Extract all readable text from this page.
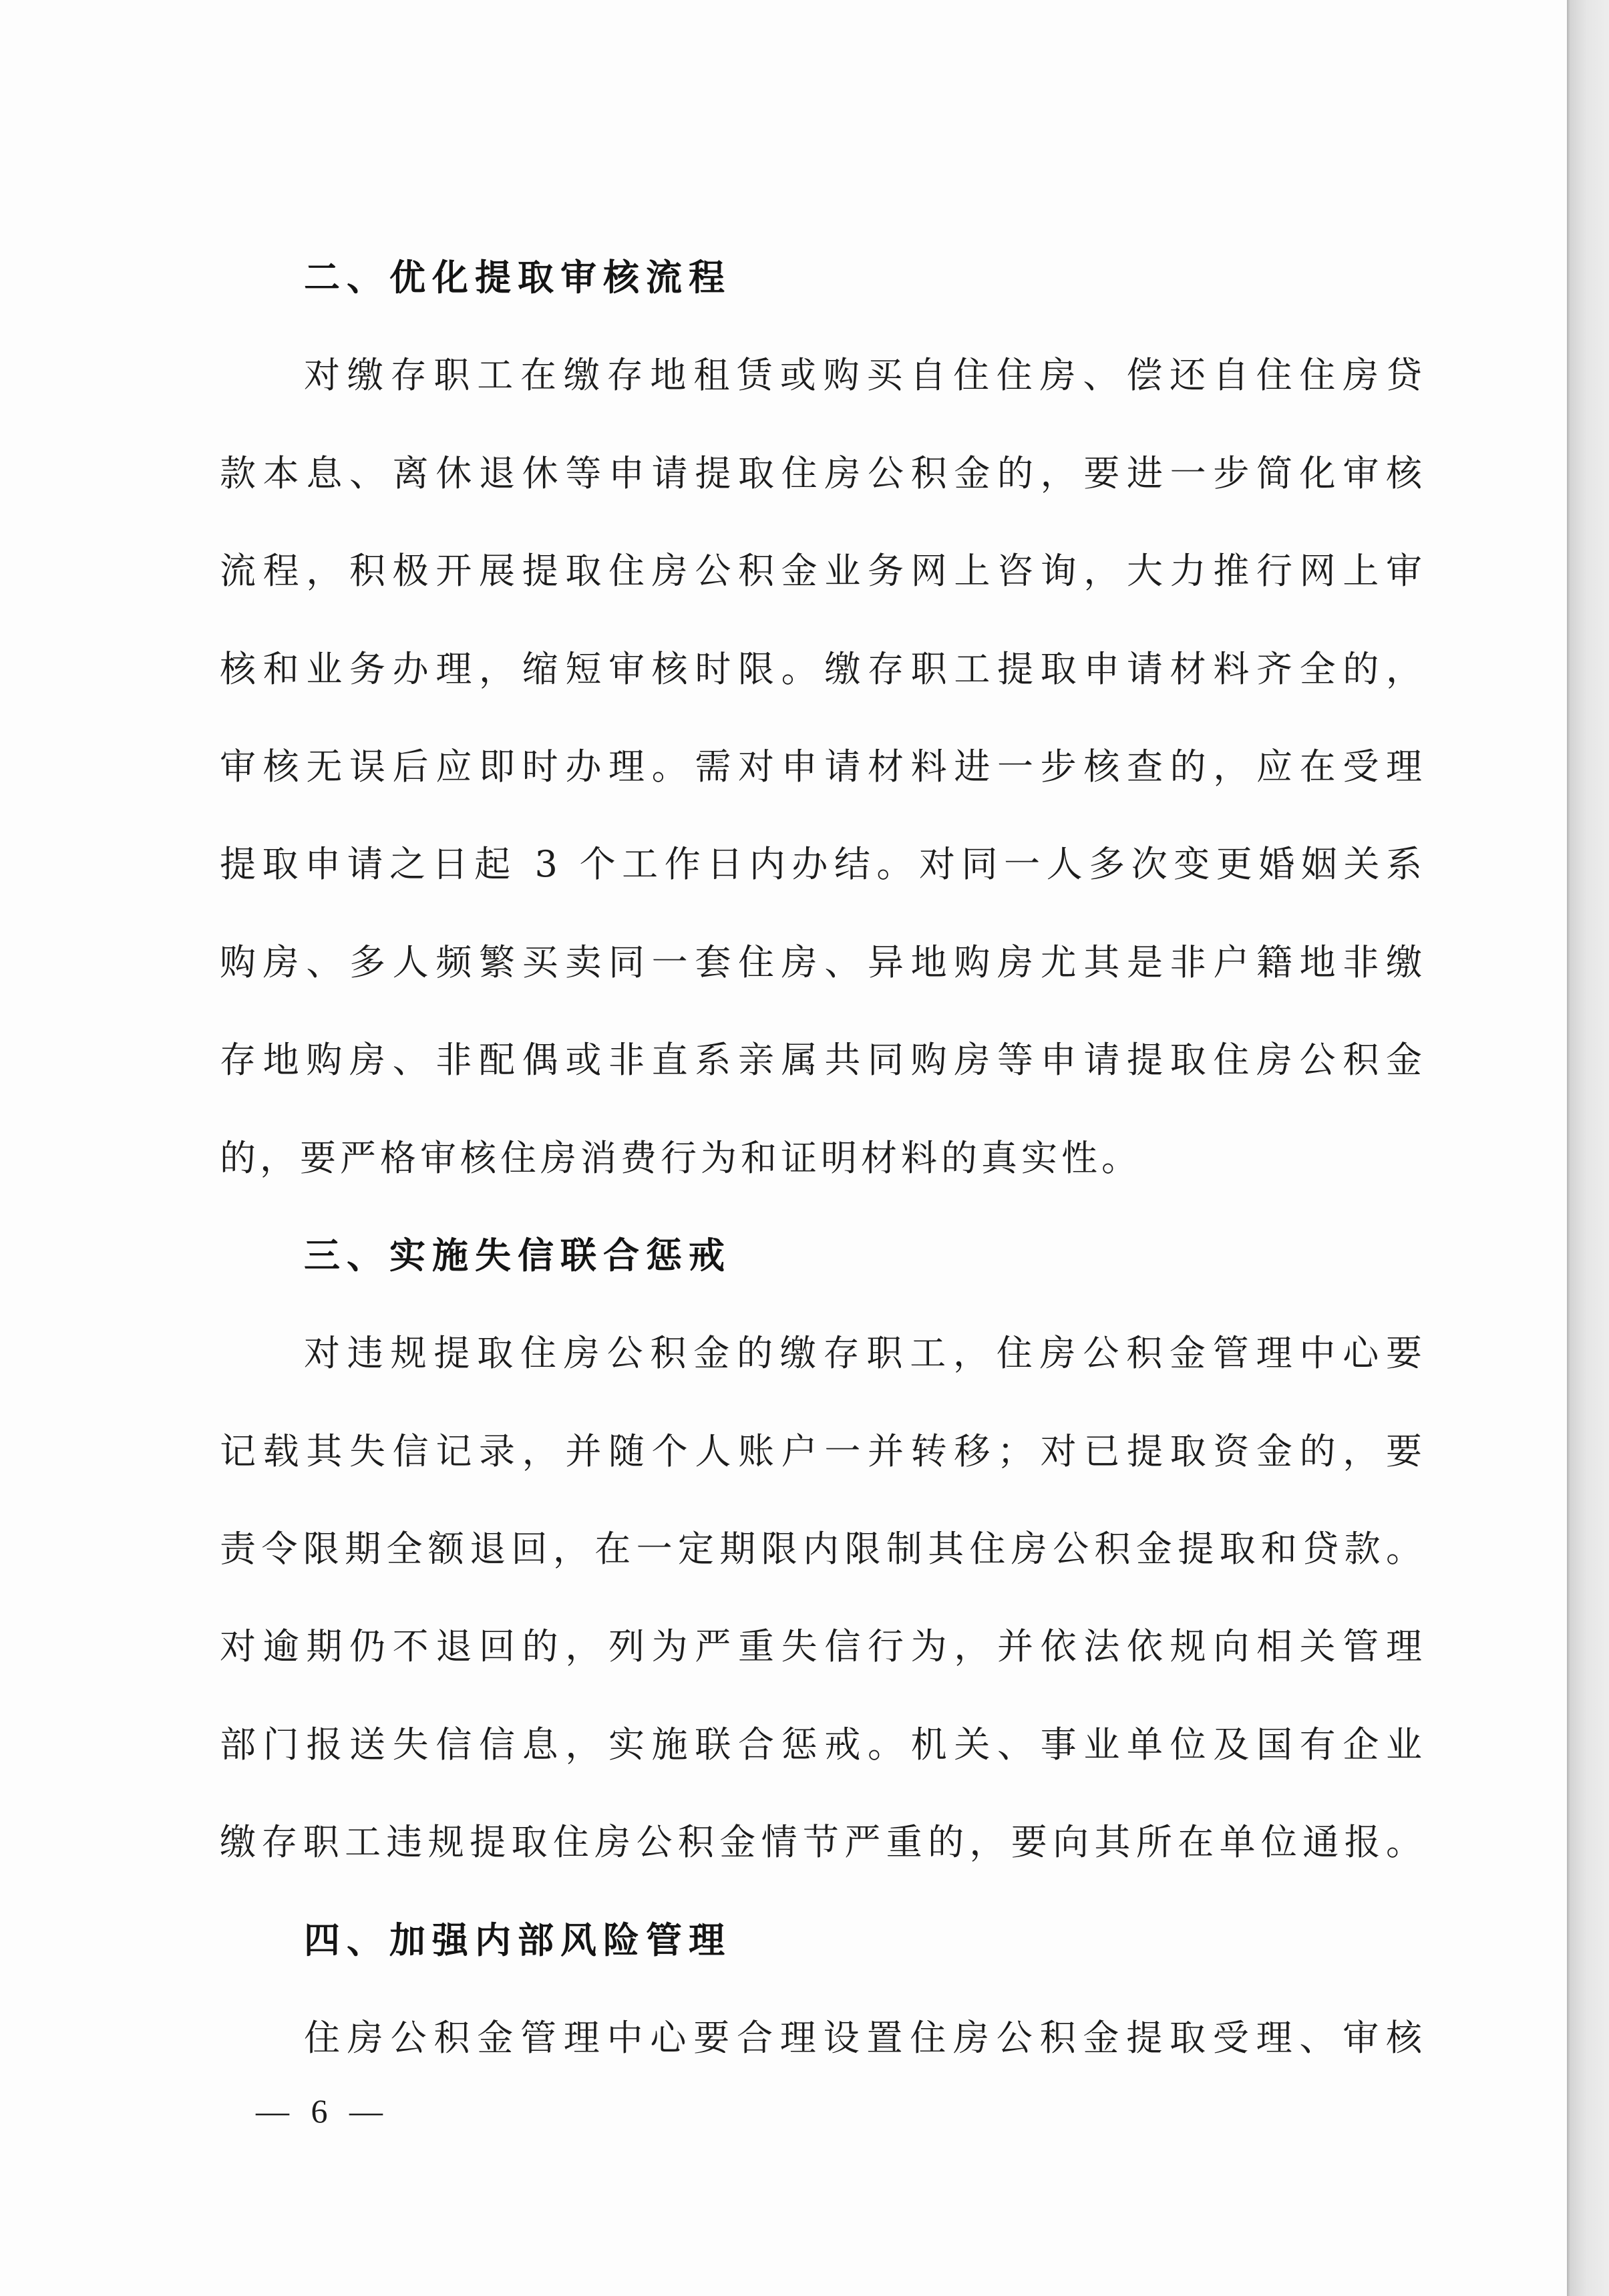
二、优化提取审核流程
对缴存职工在缴存地租赁或购买自住住房、偿还自住住房贷
款本息、离休退休等申请提取住房公积金的，要进一步简化审核
流程，积极开展提取住房公积金业务网上咨询，大力推行网上审
核和业务办理，缩短审核时限。缴存职工提取申请材料齐全的，
审核无误后应即时办理。需对申请材料进一步核查的，应在受理
提取申请之日起 3 个工作日内办结。对同一人多次变更婚姻关系
购房、多人频繁买卖同一套住房、异地购房尤其是非户籍地非缴
存地购房、非配偶或非直系亲属共同购房等申请提取住房公积金
的，要严格审核住房消费行为和证明材料的真实性。
三、实施失信联合惩戒
对违规提取住房公积金的缴存职工，住房公积金管理中心要
记载其失信记录，并随个人账户一并转移；对已提取资金的，要
责令限期全额退回，在一定期限内限制其住房公积金提取和贷款。
对逾期仍不退回的，列为严重失信行为，并依法依规向相关管理
部门报送失信信息，实施联合惩戒。机关、事业单位及国有企业
缴存职工违规提取住房公积金情节严重的，要向其所在单位通报。
四、加强内部风险管理
住房公积金管理中心要合理设置住房公积金提取受理、审核
— 6 —
